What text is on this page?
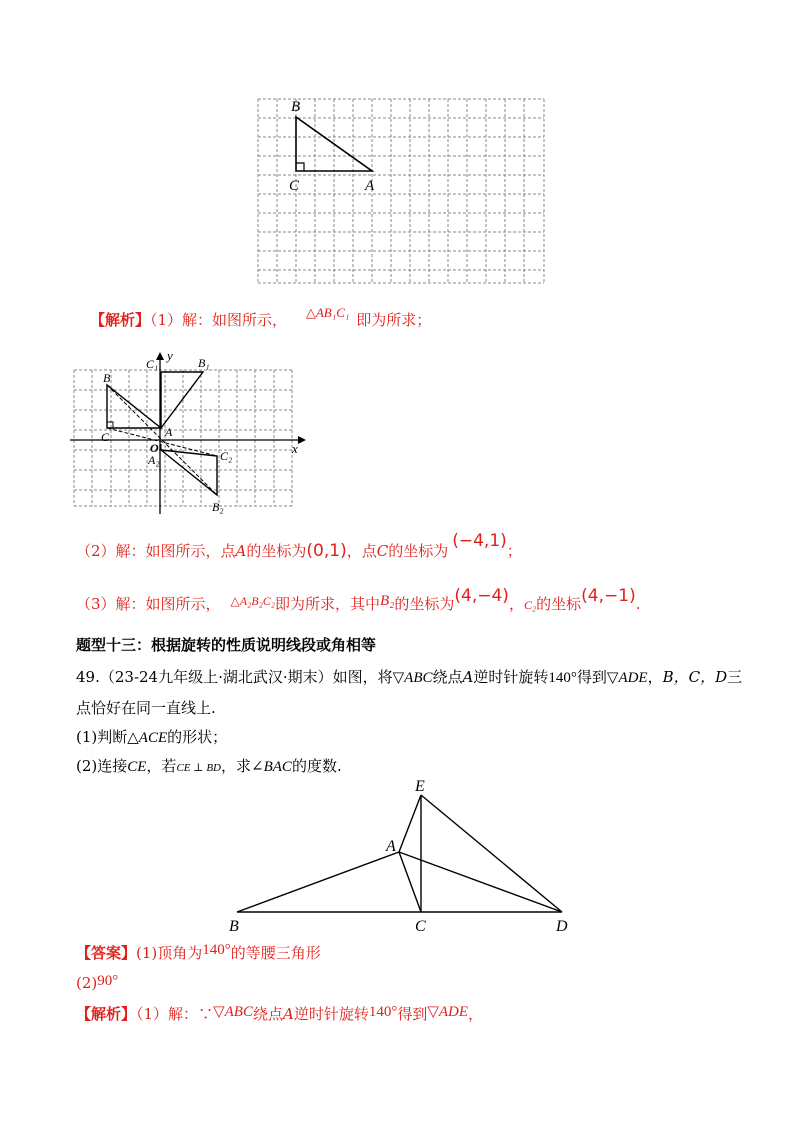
B
C	A
【解析】（1）解：如图所示， △AB₁C₁ 即为所求；
C₁
y B₁
B
C	A
O
A₂	C₂	x
B₂
（2）解：如图所示，点A的坐标为(0,1)，点C的坐标为 (−4,1)；
（3）解：如图所示， $^{\triangle A_2B_2C_2}$即为所求，其中B₂的坐标为(4,−4)，C₂的坐标(4,−1).
题型十三：根据旋转的性质说明线段或角相等
49.（23-24九年级上·湖北武汉·期末）如图，将▽ABC绕点A逆时针旋转140°得到▽ADE，B，C，D三
点恰好在同一直线上.
(1)判断△ACE的形状；
(2)连接CE，若CE ⊥ BD，求∠BAC的度数.
E
A
B	C	D
【答案】(1)顶角为140°的等腰三角形
(2)90°
【解析】（1）解：∵▽ABC绕点A逆时针旋转140°得到▽ADE，
